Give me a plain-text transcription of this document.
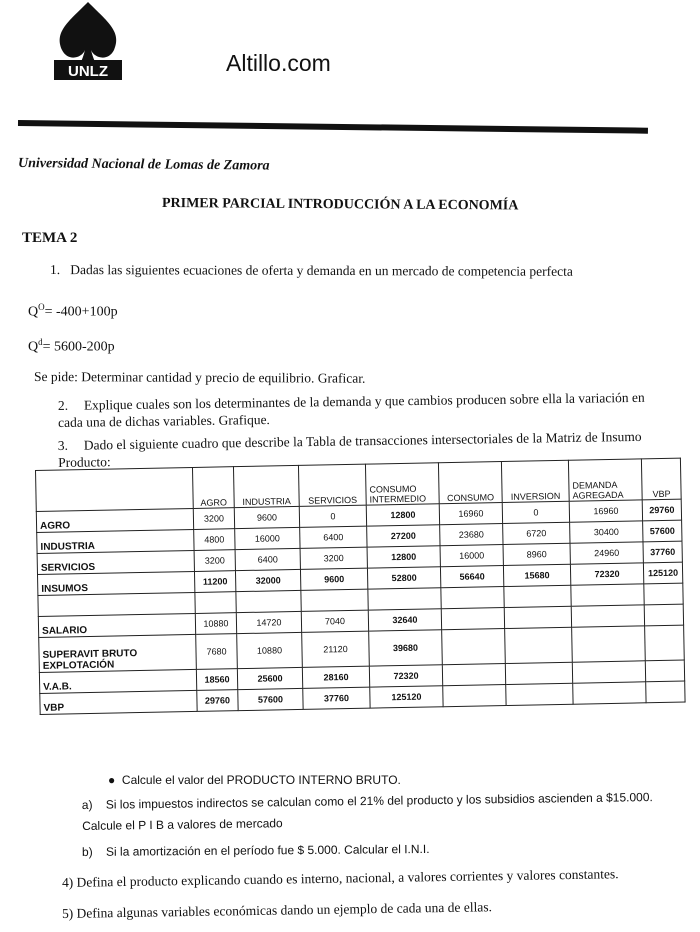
UNLZ	Altillo.com
Universidad Nacional de Lomas de Zamora
PRIMER PARCIAL INTRODUCCIÓN A LA ECONOMÍA
TEMA 2
1. Dadas las siguientes ecuaciones de oferta y demanda en un mercado de competencia perfecta
$Q^O= -400+100p$
$Q^d= 5600-200p$
Se pide: Determinar cantidad y precio de equilibrio. Graficar.
2. Explique cuales son los determinantes de la demanda y que cambios producen sobre ella la variación en cada una de dichas variables. Grafique.
3. Dado el siguiente cuadro que describe la Tabla de transacciones intersectoriales de la Matriz de Insumo Producto:
	AGRO	INDUSTRIA	SERVICIOS	CONSUMO INTERMEDIO	CONSUMO	INVERSION	DEMANDA AGREGADA	VBP
AGRO	3200	9600	0	12800	16960	0	16960	29760
INDUSTRIA	4800	16000	6400	27200	23680	6720	30400	57600
SERVICIOS	3200	6400	3200	12800	16000	8960	24960	37760
INSUMOS	11200	32000	9600	52800	56640	15680	72320	125120

SALARIO	10880	14720	7040	32640				
SUPERAVIT BRUTO EXPLOTACIÓN	7680	10880	21120	39680				
V.A.B.	18560	25600	28160	72320				
VBP	29760	57600	37760	125120				
● Calcule el valor del PRODUCTO INTERNO BRUTO.
a) Si los impuestos indirectos se calculan como el 21% del producto y los subsidios ascienden a $15.000. Calcule el P I B a valores de mercado
b) Si la amortización en el período fue $ 5.000. Calcular el I.N.I.
4) Defina el producto explicando cuando es interno, nacional, a valores corrientes y valores constantes.
5) Defina algunas variables económicas dando un ejemplo de cada una de ellas.
